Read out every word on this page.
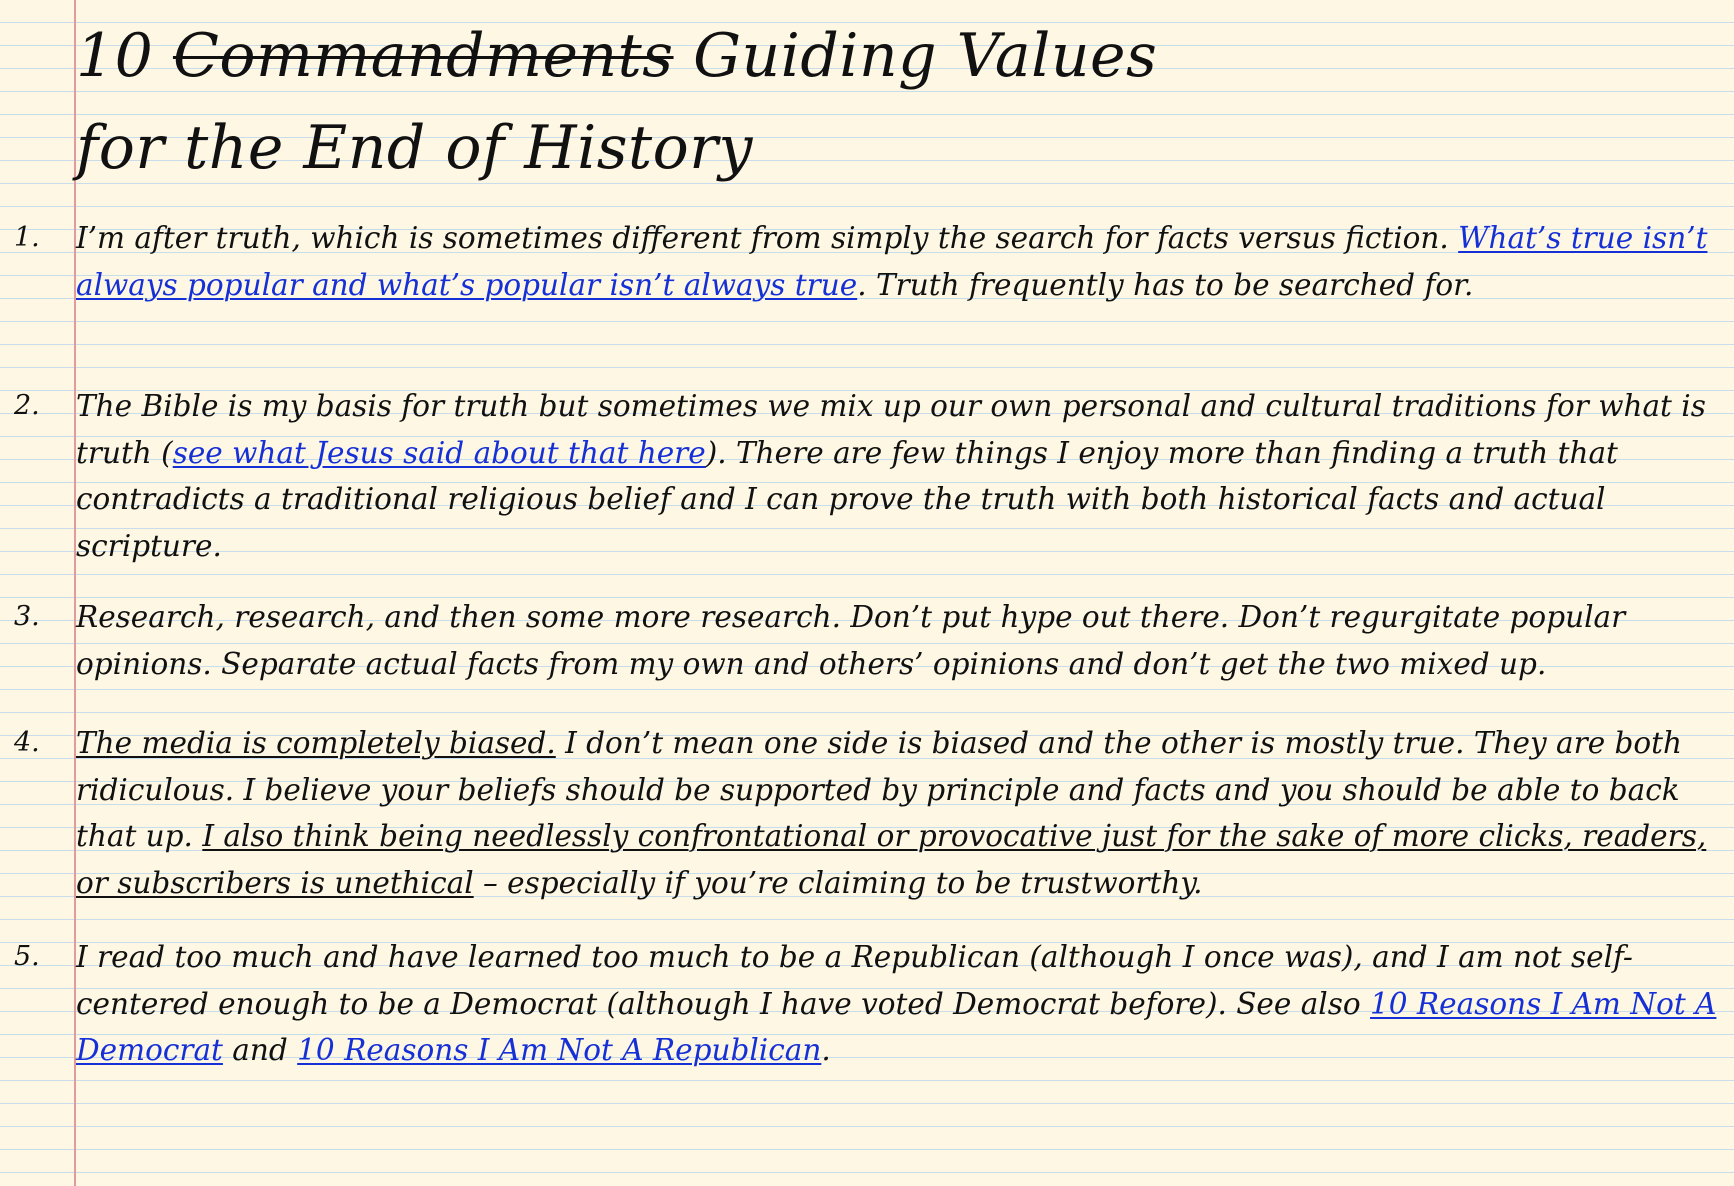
10 Commandments Guiding Values
for the End of History
1.	I’m after truth, which is sometimes different from simply the search for facts versus fiction. What’s true isn’t always popular and what’s popular isn’t always true. Truth frequently has to be searched for.
2.	The Bible is my basis for truth but sometimes we mix up our own personal and cultural traditions for what is truth (see what Jesus said about that here). There are few things I enjoy more than finding a truth that contradicts a traditional religious belief and I can prove the truth with both historical facts and actual scripture.
3.	Research, research, and then some more research. Don’t put hype out there. Don’t regurgitate popular opinions. Separate actual facts from my own and others’ opinions and don’t get the two mixed up.
4.	The media is completely biased. I don’t mean one side is biased and the other is mostly true. They are both ridiculous. I believe your beliefs should be supported by principle and facts and you should be able to back that up. I also think being needlessly confrontational or provocative just for the sake of more clicks, readers, or subscribers is unethical – especially if you’re claiming to be trustworthy.
5.	I read too much and have learned too much to be a Republican (although I once was), and I am not self-centered enough to be a Democrat (although I have voted Democrat before). See also 10 Reasons I Am Not A Democrat and 10 Reasons I Am Not A Republican.
